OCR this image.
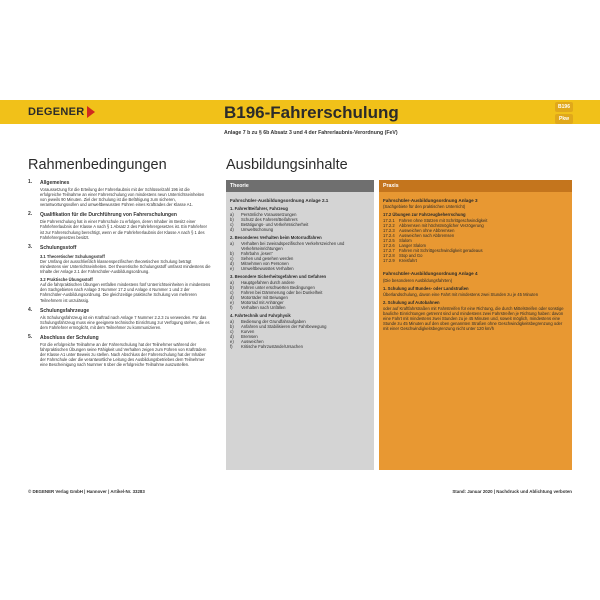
DEGENER	B196-Fahrerschulung
Anlage 7 b zu § 6b Absatz 3 und 4 der Fahrerlaubnis-Verordnung (FeV)
B196
Pkw
Rahmenbedingungen	Ausbildungsinhalte
1.	Allgemeines

Voraussetzung für die Erteilung der Fahrerlaubnis mit der Schlüsselzahl 196 ist die erfolgreiche Teilnahme an einer Fahrerschulung von mindestens neun Unterrichtseinheiten von jeweils 90 Minuten. Ziel der Schulung ist die Befähigung zum sicheren, verantwortungsvollen und umweltbewussten Führen eines Kraftrades der Klasse A1.

2.	Qualifikation für die Durchführung von Fahrerschulungen

Die Fahrerschulung hat in einer Fahrschule zu erfolgen, deren Inhaber im Besitz einer Fahrlehrerlaubnis der Klasse A nach § 1 Absatz 2 des Fahrlehrergesetzes ist. Ein Fahrlehrer ist zur Fahrerschulung berechtigt, wenn er die Fahrlehrerlaubnis der Klasse A nach § 1 des Fahrlehrergesetzes besitzt.

3.	Schulungsstoff
3.1 Theoretischer Schulungsstoff

Der Umfang der ausschließlich klassenspezifischen theoretischen Schulung beträgt mindestens vier Unterrichtseinheiten. Der theoretische Schulungsstoff umfasst mindestens die Inhalte der Anlage 2.1 der Fahrschüler-Ausbildungsordnung.

3.2 Praktische Übungsstoff

Auf die fahrpraktischen Übungen entfallen mindestens fünf Unterrichtseinheiten in mindestens den Sachgebieten nach Anlage 3 Nummer 17.2 und Anlage 4 Nummer 1 und 2 der Fahrschüler-Ausbildungsordnung. Die gleichzeitige praktische Schulung von mehreren Teilnehmern ist unzulässig.

4.	Schulungsfahrzeuge

Als Schulungsfahrzeug ist ein Kraftrad nach Anlage 7 Nummer 2.2.3 zu verwenden. Für das Schulungsfahrzeug muss eine geeignete technische Einrichtung zur Verfügung stehen, die es dem Fahrlehrer ermöglicht, mit dem Teilnehmer zu kommunizieren.

5.	Abschluss der Schulung

Für die erfolgreiche Teilnahme an der Fahrerschulung hat der Teilnehmer während der fahrpraktischen Übungen seine Fähigkeit und Verhalten zeigen zum Führen von Krafträdern der Klasse A1 unter Beweis zu stellen. Nach Abschluss der Fahrerschulung hat der Inhaber der Fahrschule oder die verantwortliche Leitung des Ausbildungsbetriebes dem Teilnehmer eine Bescheinigung nach Nummer 6 über die erfolgreiche Teilnahme auszustellen.

Theorie
Fahrschüler-Ausbildungsordnung Anlage 2.1
1. Fahrer/Beifahrer, Fahrzeug
a)	Persönliche Voraussetzungen
b)	Schutz des Fahrers/Beifahrers
c)	Betätigungs- und Verkehrssicherheit
d)	Umweltschonung
2. Besonderes Verhalten beim Motorradfahren
a)	Verhalten bei zweiradspezifischen Verkehrszeichen und Verkehrseinrichtungen
b)	Fahrbahn „lesen“
c)	Sehen und gesehen werden
d)	Mitnehmen von Personen
e)	Umweltbewusstes Verhalten
3. Besondere Sicherheitsgefahren und Gefahren
a)	Hauptgefahren durch andere
b)	Fahren unter erschwerten Bedingungen
c)	Fahren bei Dämmerung oder bei Dunkelheit
d)	Motorräder mit Beiwagen
e)	Motorrad mit Anhänger
f)	Verhalten nach Unfällen
4. Fahrtechnik und Fahrphysik
a)	Bedienung der Grundfahraufgaben
b)	Anfahren und Stabilisieren der Fahrbewegung
c)	Kurven
d)	Bremsen
e)	Ausweichen
f)	Kritische Fahrzustände/Ursachen
Praxis
Fahrschüler-Ausbildungsordnung Anlage 3
(Sachgebiete für den praktischen Unterricht)
17.2 Übungen zur Fahrzeugbeherrschung
17.2.1	Fahren ohne Stützen mit Schrittgeschwindigkeit
17.2.2	Abbremsen mit höchstmöglicher Verzögerung
17.2.3	Ausweichen ohne Abbremsen
17.2.4	Ausweichen nach Abbremsen
17.2.5	Slalom
17.2.6	Langer Slalom
17.2.7	Fahren mit Schrittgeschwindigkeit geradeaus
17.2.8	Stop and Go
17.2.9	Kreisfahrt
Fahrschüler-Ausbildungsordnung Anlage 4
(Die besonderen Ausbildungsfahrten)
1. Schulung auf Bundes- oder Landstraßen
Überlandschulung, davon eine Fahrt mit mindestens zwei Stunden zu je 45 Minuten
2. Schulung auf Autobahnen
oder auf Kraftfahrstraßen mit Fahrstreifen für eine Richtung, die durch Mittelstreifen oder sonstige bauliche Einrichtungen getrennt sind und mindestens zwei Fahrstreifen je Richtung haben: davon eine Fahrt mit mindestens zwei Stunden zu je 45 Minuten und, soweit möglich, mindestens eine Stunde zu 45 Minuten auf den oben genannten Straßen ohne Geschwindigkeitsbegrenzung oder mit einer Geschwindigkeitsbegrenzung nicht unter 120 km/h
© DEGENER Verlag GmbH | Hannover | Artikel-Nr. 33283	Stand: Januar 2020 | Nachdruck und Ablichtung verboten
